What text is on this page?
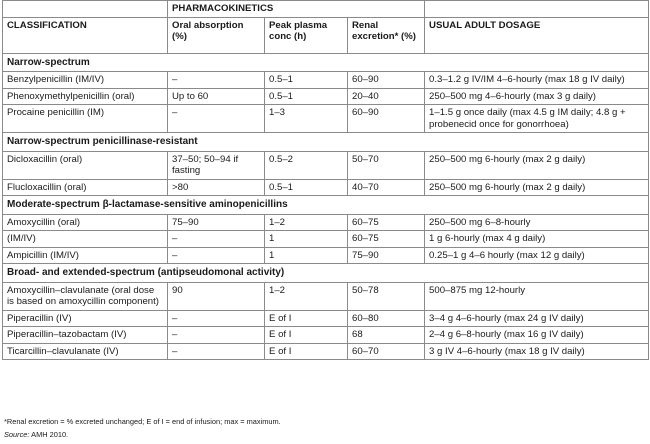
	PHARMACOKINETICS			
CLASSIFICATION	Oral absorption (%)	Peak plasma conc (h)	Renal excretion* (%)	USUAL ADULT DOSAGE
Narrow-spectrum				
Benzylpenicillin (IM/IV)	–	0.5–1	60–90	0.3–1.2 g IV/IM 4–6-hourly (max 18 g IV daily)
Phenoxymethylpenicillin (oral)	Up to 60	0.5–1	20–40	250–500 mg 4–6-hourly (max 3 g daily)
Procaine penicillin (IM)	–	1–3	60–90	1–1.5 g once daily (max 4.5 g IM daily; 4.8 g + probenecid once for gonorrhoea)
Narrow-spectrum penicillinase-resistant				
Dicloxacillin (oral)	37–50; 50–94 if fasting	0.5–2	50–70	250–500 mg 6-hourly (max 2 g daily)
Flucloxacillin (oral)	>80	0.5–1	40–70	250–500 mg 6-hourly (max 2 g daily)
Moderate-spectrum β-lactamase-sensitive aminopenicillins				
Amoxycillin (oral)	75–90	1–2	60–75	250–500 mg 6–8-hourly
(IM/IV)	–	1	60–75	1 g 6-hourly (max 4 g daily)
Ampicillin (IM/IV)	–	1	75–90	0.25–1 g 4–6 hourly (max 12 g daily)
Broad- and extended-spectrum (antipseudomonal activity)				
Amoxycillin–clavulanate (oral dose is based on amoxycillin component)	90	1–2	50–78	500–875 mg 12-hourly
Piperacillin (IV)	–	E of I	60–80	3–4 g 4–6-hourly (max 24 g IV daily)
Piperacillin–tazobactam (IV)	–	E of I	68	2–4 g 6–8-hourly (max 16 g IV daily)
Ticarcillin–clavulanate (IV)	–	E of I	60–70	3 g IV 4–6-hourly (max 18 g IV daily)
*Renal excretion = % excreted unchanged; E of I = end of infusion; max = maximum.
Source: AMH 2010.
